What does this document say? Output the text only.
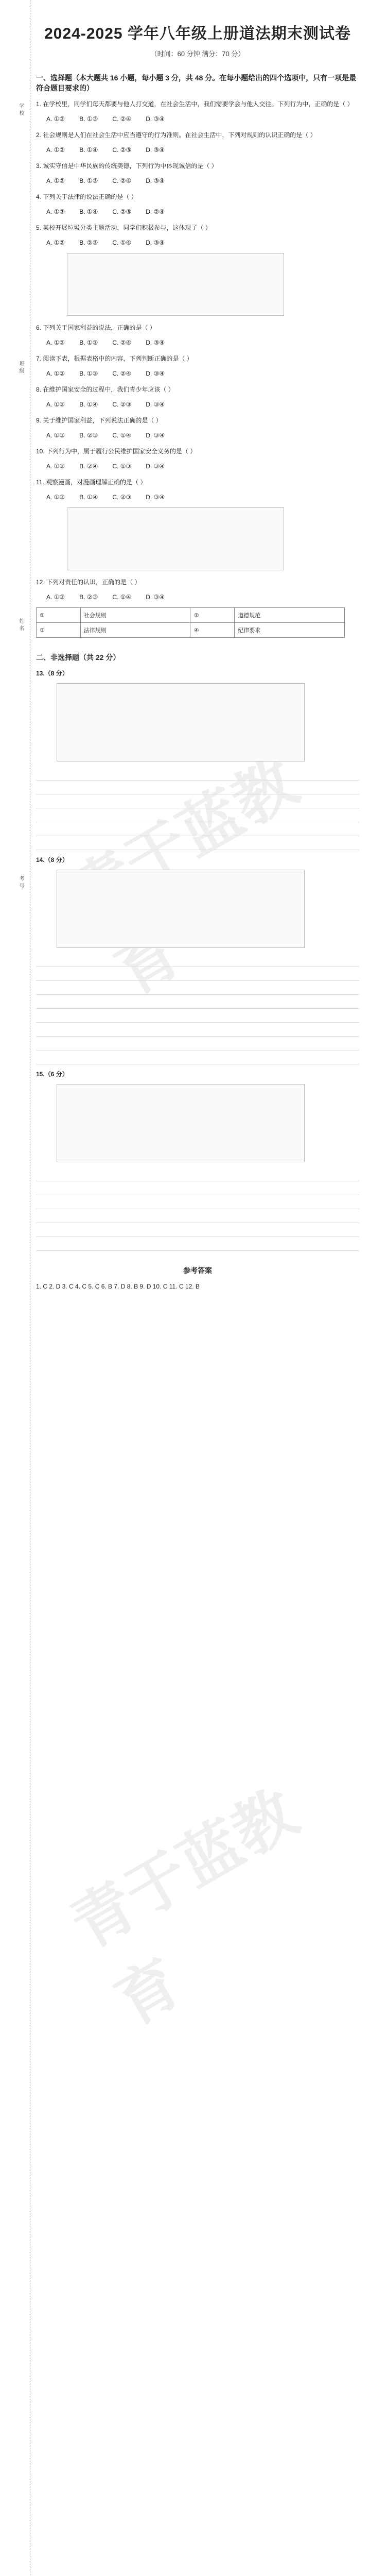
学校
班级
姓名
考号 青于蓝教育
青于蓝教育
2024-2025 学年八年级上册道法期末测试卷
（时间：60 分钟 满分：70 分）
一、选择题（本大题共 16 小题，每小题 3 分，共 48 分。在每小题给出的四个选项中，只有一项是最符合题目要求的）
1. 在学校里，同学们每天都要与他人打交道，在社会生活中，我们需要学会与他人交往。下列行为中，正确的是（ ）
A. ①② B. ①③ C. ②④ D. ③④
2. 社会规则是人们在社会生活中应当遵守的行为准则。在社会生活中，下列对规则的认识正确的是（ ）
A. ①② B. ①④ C. ②③ D. ③④
3. 诚实守信是中华民族的传统美德，下列行为中体现诚信的是（ ）
A. ①② B. ①③ C. ②④ D. ③④
4. 下列关于法律的说法正确的是（ ）
A. ①③ B. ①④ C. ②③ D. ②④
5. 某校开展垃圾分类主题活动，同学们积极参与，这体现了（ ）
A. ①② B. ②③ C. ①④ D. ③④
6. 下列关于国家利益的说法，正确的是（ ）
A. ①② B. ①③ C. ②④ D. ③④
7. 阅读下表，根据表格中的内容，下列判断正确的是（ ）
A. ①② B. ①③ C. ②④ D. ③④
8. 在维护国家安全的过程中，我们青少年应该（ ）
A. ①② B. ①④ C. ②③ D. ③④
9. 关于维护国家利益，下列说法正确的是（ ）
A. ①② B. ②③ C. ①④ D. ③④
10. 下列行为中，属于履行公民维护国家安全义务的是（ ）
A. ①② B. ②④ C. ①③ D. ③④
11. 观察漫画，对漫画理解正确的是（ ）
A. ①② B. ①④ C. ②③ D. ③④
12. 下列对责任的认识，正确的是（ ）
A. ①② B. ②③ C. ①④ D. ③④
①	社会规则	②	道德规范
③	法律规则	④	纪律要求
二、非选择题（共 22 分）
13.（8 分）
14.（8 分）
15.（6 分）
参考答案
1. C 2. D 3. C 4. C 5. C 6. B 7. D 8. B 9. D 10. C 11. C 12. B
